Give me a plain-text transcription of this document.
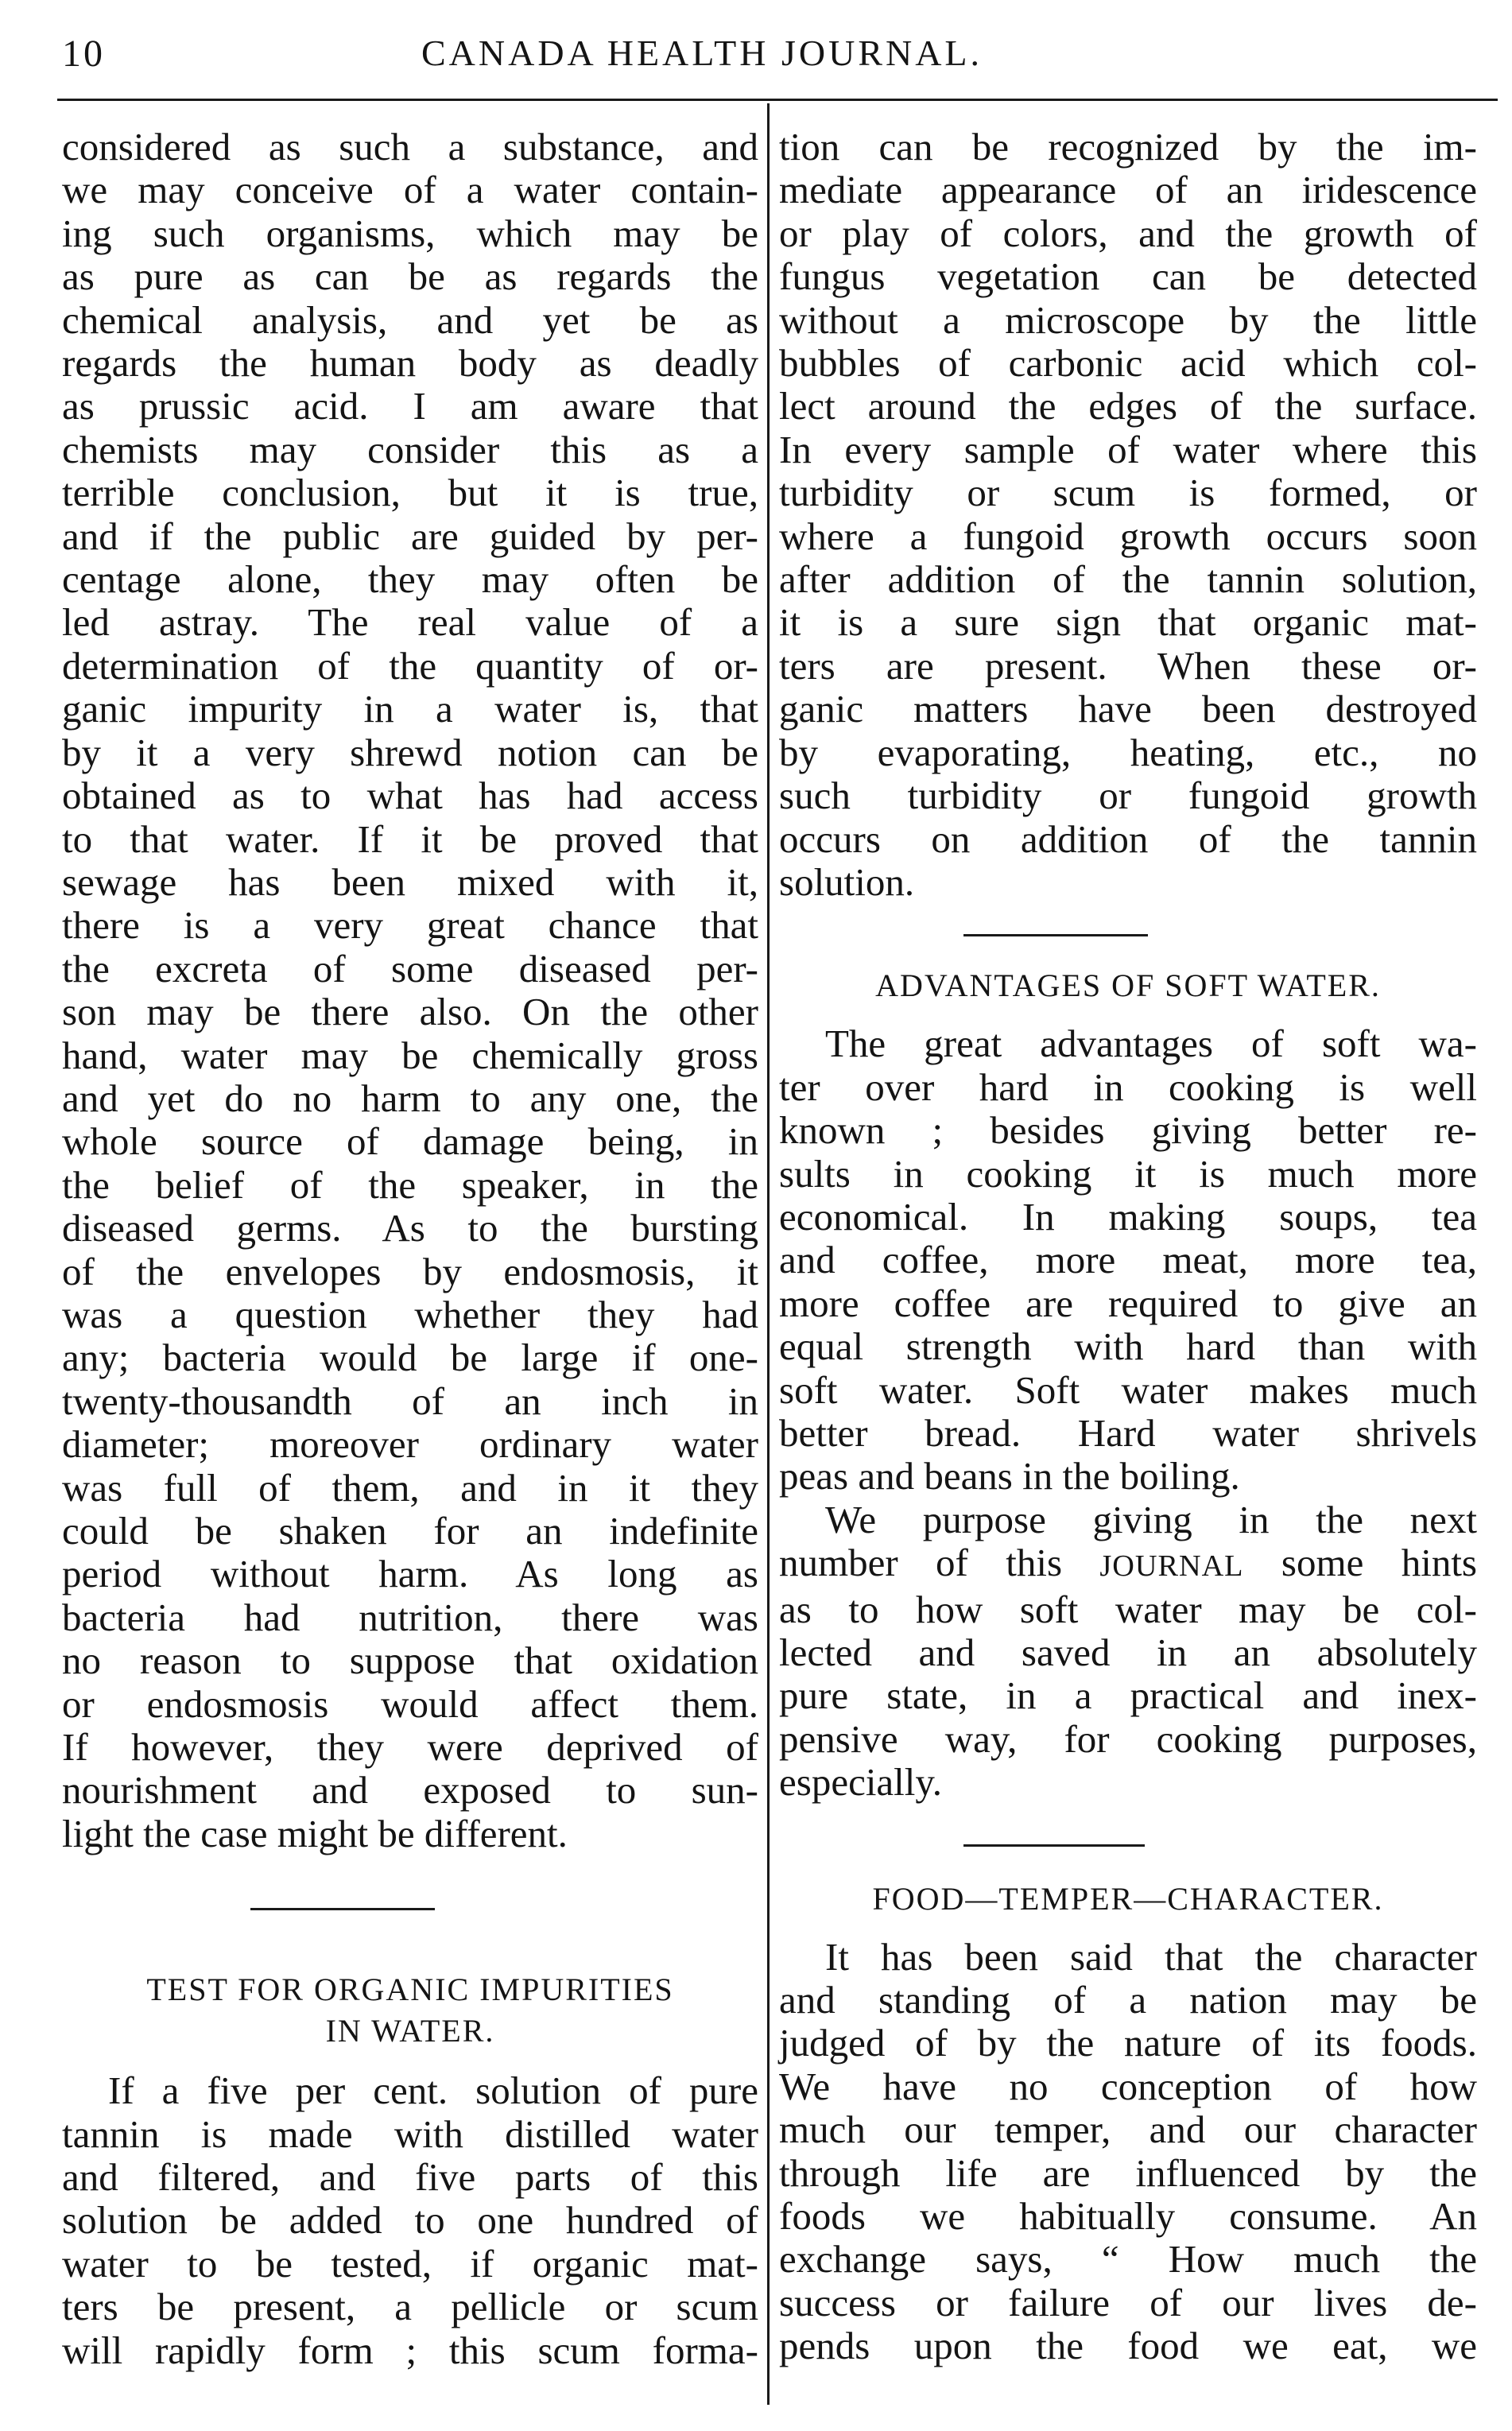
10	CANADA HEALTH JOURNAL.

considered as such a substance, and
we may conceive of a water contain-
ing such organisms, which may be
as pure as can be as regards the
chemical analysis, and yet be as
regards the human body as deadly
as prussic acid. I am aware that
chemists may consider this as a
terrible conclusion, but it is true,
and if the public are guided by per-
centage alone, they may often be
led astray. The real value of a
determination of the quantity of or-
ganic impurity in a water is, that
by it a very shrewd notion can be
obtained as to what has had access
to that water. If it be proved that
sewage has been mixed with it,
there is a very great chance that
the excreta of some diseased per-
son may be there also. On the other
hand, water may be chemically gross
and yet do no harm to any one, the
whole source of damage being, in
the belief of the speaker, in the
diseased germs. As to the bursting
of the envelopes by endosmosis, it
was a question whether they had
any; bacteria would be large if one-
twenty-thousandth of an inch in
diameter; moreover ordinary water
was full of them, and in it they
could be shaken for an indefinite
period without harm. As long as
bacteria had nutrition, there was
no reason to suppose that oxidation
or endosmosis would affect them.
If however, they were deprived of
nourishment and exposed to sun-
light the case might be different.

TEST FOR ORGANIC IMPURITIES
IN WATER.

If a five per cent. solution of pure
tannin is made with distilled water
and filtered, and five parts of this
solution be added to one hundred of
water to be tested, if organic mat-
ters be present, a pellicle or scum
will rapidly form ; this scum forma-

tion can be recognized by the im-
mediate appearance of an iridescence
or play of colors, and the growth of
fungus vegetation can be detected
without a microscope by the little
bubbles of carbonic acid which col-
lect around the edges of the surface.
In every sample of water where this
turbidity or scum is formed, or
where a fungoid growth occurs soon
after addition of the tannin solution,
it is a sure sign that organic mat-
ters are present. When these or-
ganic matters have been destroyed
by evaporating, heating, etc., no
such turbidity or fungoid growth
occurs on addition of the tannin
solution.

ADVANTAGES OF SOFT WATER.

The great advantages of soft wa-
ter over hard in cooking is well
known ; besides giving better re-
sults in cooking it is much more
economical. In making soups, tea
and coffee, more meat, more tea,
more coffee are required to give an
equal strength with hard than with
soft water. Soft water makes much
better bread. Hard water shrivels
peas and beans in the boiling.

We purpose giving in the next
number of this JOURNAL some hints
as to how soft water may be col-
lected and saved in an absolutely
pure state, in a practical and inex-
pensive way, for cooking purposes,
especially.

FOOD—TEMPER—CHARACTER.

It has been said that the character
and standing of a nation may be
judged of by the nature of its foods.
We have no conception of how
much our temper, and our character
through life are influenced by the
foods we habitually consume. An
exchange says, “ How much the
success or failure of our lives de-
pends upon the food we eat, we
